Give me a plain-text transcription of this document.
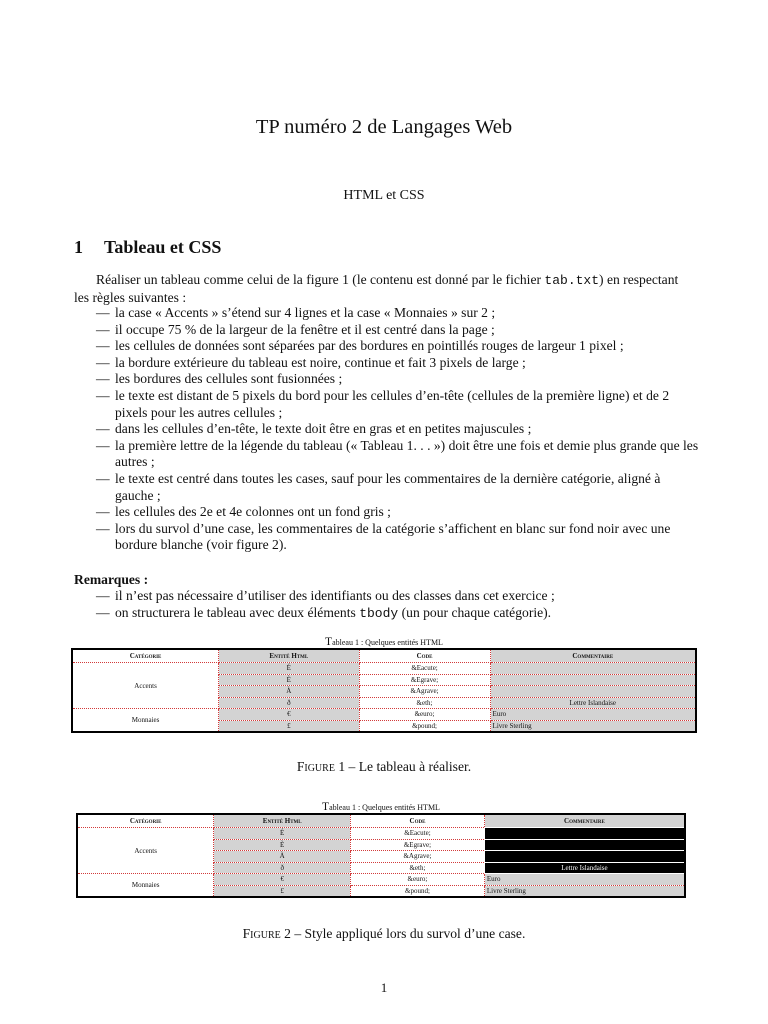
TP numéro 2 de Langages Web
HTML et CSS
1 Tableau et CSS
Réaliser un tableau comme celui de la figure 1 (le contenu est donné par le fichier tab.txt) en respectant les règles suivantes :
— la case « Accents » s’étend sur 4 lignes et la case « Monnaies » sur 2 ;
— il occupe 75 % de la largeur de la fenêtre et il est centré dans la page ;
— les cellules de données sont séparées par des bordures en pointillés rouges de largeur 1 pixel ;
— la bordure extérieure du tableau est noire, continue et fait 3 pixels de large ;
— les bordures des cellules sont fusionnées ;
— le texte est distant de 5 pixels du bord pour les cellules d’en-tête (cellules de la première ligne) et de 2 pixels pour les autres cellules ;
— dans les cellules d’en-tête, le texte doit être en gras et en petites majuscules ;
— la première lettre de la légende du tableau (« Tableau 1. . . ») doit être une fois et demie plus grande que les autres ;
— le texte est centré dans toutes les cases, sauf pour les commentaires de la dernière catégorie, aligné à gauche ;
— les cellules des 2e et 4e colonnes ont un fond gris ;
— lors du survol d’une case, les commentaires de la catégorie s’affichent en blanc sur fond noir avec une bordure blanche (voir figure 2).
Remarques :
— il n’est pas nécessaire d’utiliser des identifiants ou des classes dans cet exercice ;
— on structurera le tableau avec deux éléments tbody (un pour chaque catégorie).
Tableau 1 : Quelques entités HTML
Catégorie	Entité Html	Code	Commentaire
Accents	É	&Eacute;	
	È	&Egrave;	
	À	&Agrave;	
	ð	&eth;	Lettre Islandaise
Monnaies	€	&euro;	Euro
	£	&pound;	Livre Sterling
Figure 1 – Le tableau à réaliser.
Tableau 1 : Quelques entités HTML
Catégorie	Entité Html	Code	Commentaire
Accents	É	&Eacute;	
	È	&Egrave;	
	À	&Agrave;	
	ð	&eth;	Lettre Islandaise
Monnaies	€	&euro;	Euro
	£	&pound;	Livre Sterling
Figure 2 – Style appliqué lors du survol d’une case.
1
